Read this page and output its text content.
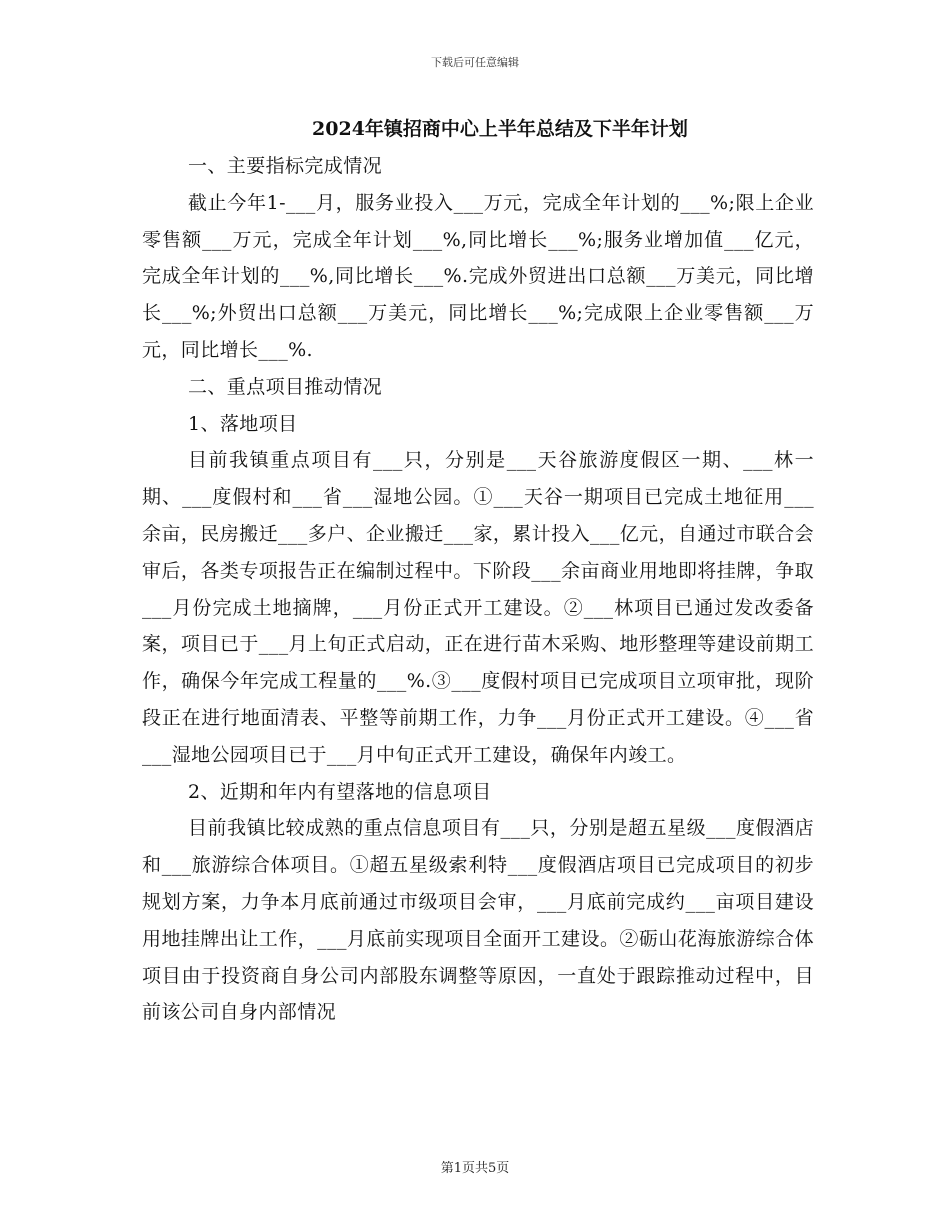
下载后可任意编辑
2024年镇招商中心上半年总结及下半年计划

一、主要指标完成情况

截止今年1-___月，服务业投入___万元，完成全年计划的___%;限上企业零售额___万元，完成全年计划___%,同比增长___%;服务业增加值___亿元，完成全年计划的___%,同比增长___%.完成外贸进出口总额___万美元，同比增长___%;外贸出口总额___万美元，同比增长___%;完成限上企业零售额___万元，同比增长___%.

二、重点项目推动情况

1、落地项目

目前我镇重点项目有___只，分别是___天谷旅游度假区一期、___林一期、___度假村和___省___湿地公园。①___天谷一期项目已完成土地征用___余亩，民房搬迁___多户、企业搬迁___家，累计投入___亿元，自通过市联合会审后，各类专项报告正在编制过程中。下阶段___余亩商业用地即将挂牌，争取___月份完成土地摘牌，___月份正式开工建设。②___林项目已通过发改委备案，项目已于___月上旬正式启动，正在进行苗木采购、地形整理等建设前期工作，确保今年完成工程量的___%.③___度假村项目已完成项目立项审批，现阶段正在进行地面清表、平整等前期工作，力争___月份正式开工建设。④___省___湿地公园项目已于___月中旬正式开工建设，确保年内竣工。

2、近期和年内有望落地的信息项目

目前我镇比较成熟的重点信息项目有___只，分别是超五星级___度假酒店和___旅游综合体项目。①超五星级索利特___度假酒店项目已完成项目的初步规划方案，力争本月底前通过市级项目会审，___月底前完成约___亩项目建设用地挂牌出让工作，___月底前实现项目全面开工建设。②砺山花海旅游综合体项目由于投资商自身公司内部股东调整等原因，一直处于跟踪推动过程中，目前该公司自身内部情况

第1页共5页
